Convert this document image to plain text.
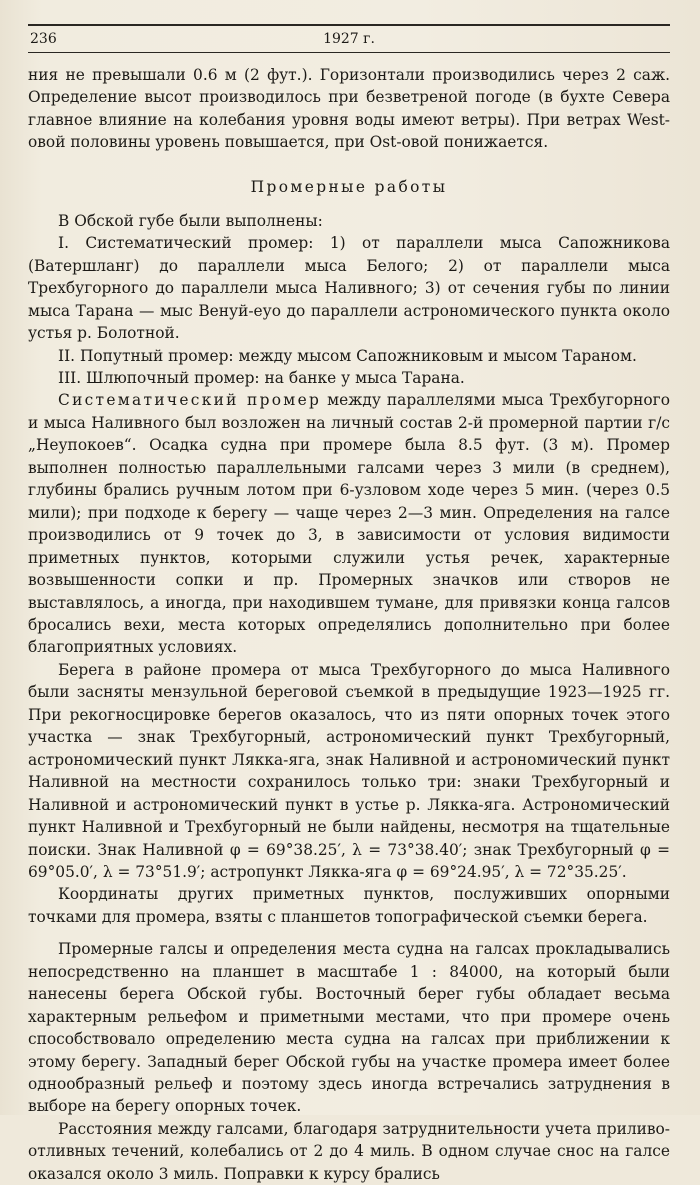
236	1927 г.

ния не превышали 0.6 м (2 фут.). Горизонтали производились через 2 саж. Определение высот производилось при безветреной погоде (в бухте Севера главное влияние на колебания уровня воды имеют ветры). При ветрах West-овой половины уровень повышается, при Ost-овой понижается.

Промерные работы

В Обской губе были выполнены:

I. Систематический промер: 1) от параллели мыса Сапожникова (Ватершланг) до параллели мыса Белого; 2) от параллели мыса Трехбугорного до параллели мыса Наливного; 3) от сечения губы по линии мыса Тарана — мыс Венуй-еуо до параллели астрономического пункта около устья р. Болотной.

II. Попутный промер: между мысом Сапожниковым и мысом Тараном.

III. Шлюпочный промер: на банке у мыса Тарана.

Систематический промер между параллелями мыса Трехбугорного и мыса Наливного был возложен на личный состав 2-й промерной партии г/с „Неупокоев“. Осадка судна при промере была 8.5 фут. (3 м). Промер выполнен полностью параллельными галсами через 3 мили (в среднем), глубины брались ручным лотом при 6-узловом ходе через 5 мин. (через 0.5 мили); при подходе к берегу — чаще через 2—3 мин. Определения на галсе производились от 9 точек до 3, в зависимости от условия видимости приметных пунктов, которыми служили устья речек, характерные возвышенности сопки и пр. Промерных значков или створов не выставлялось, а иногда, при находившем тумане, для привязки конца галсов бросались вехи, места которых определялись дополнительно при более благоприятных условиях.

Берега в районе промера от мыса Трехбугорного до мыса Наливного были засняты мензульной береговой съемкой в предыдущие 1923—1925 гг. При рекогносцировке берегов оказалось, что из пяти опорных точек этого участка — знак Трехбугорный, астрономический пункт Трехбугорный, астрономический пункт Лякка-яга, знак Наливной и астрономический пункт Наливной на местности сохранилось только три: знаки Трехбугорный и Наливной и астрономический пункт в устье р. Лякка-яга. Астрономический пункт Наливной и Трехбугорный не были найдены, несмотря на тщательные поиски. Знак Наливной φ = 69°38.25′, λ = 73°38.40′; знак Трехбугорный φ = 69°05.0′, λ = 73°51.9′; астропункт Лякка-яга φ = 69°24.95′, λ = 72°35.25′.

Координаты других приметных пунктов, послуживших опорными точками для промера, взяты с планшетов топографической съемки берега.

Промерные галсы и определения места судна на галсах прокладывались непосредственно на планшет в масштабе 1 : 84000, на который были нанесены берега Обской губы. Восточный берег губы обладает весьма характерным рельефом и приметными местами, что при промере очень способствовало определению места судна на галсах при приближении к этому берегу. Западный берег Обской губы на участке промера имеет более однообразный рельеф и поэтому здесь иногда встречались затруднения в выборе на берегу опорных точек.

Расстояния между галсами, благодаря затруднительности учета приливо-отливных течений, колебались от 2 до 4 миль. В одном случае снос на галсе оказался около 3 миль. Поправки к курсу брались
